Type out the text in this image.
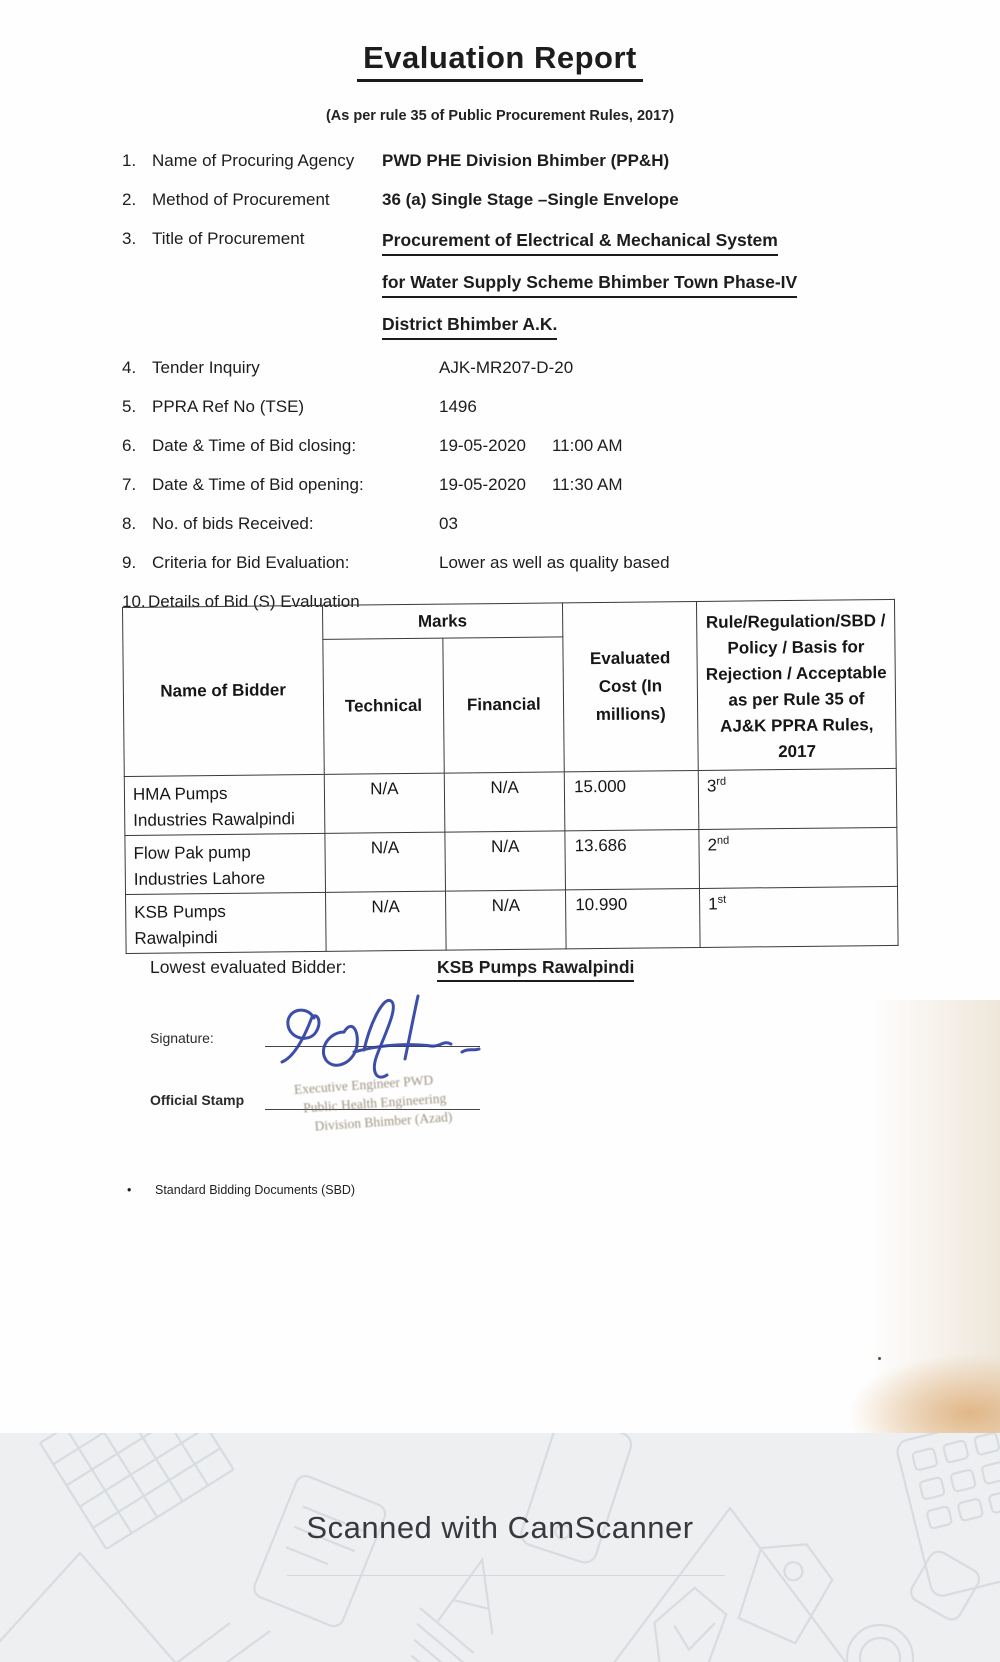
Evaluation Report
(As per rule 35 of Public Procurement Rules, 2017)
1. Name of Procuring Agency	PWD PHE Division Bhimber (PP&H)
2. Method of Procurement	36 (a) Single Stage –Single Envelope
3. Title of Procurement	Procurement of Electrical & Mechanical System
for Water Supply Scheme Bhimber Town Phase-IV
District Bhimber A.K.
4. Tender Inquiry	AJK-MR207-D-20
5. PPRA Ref No (TSE)	1496
6. Date & Time of Bid closing:	19-05-2020 11:00 AM
7. Date & Time of Bid opening:	19-05-2020 11:30 AM
8. No. of bids Received:	03
9. Criteria for Bid Evaluation:	Lower as well as quality based
10. Details of Bid (S) Evaluation
Name of Bidder	Marks		Evaluated Cost (In millions)	Rule/Regulation/SBD / Policy / Basis for Rejection / Acceptable as per Rule 35 of AJ&K PPRA Rules, 2017
	Technical	Financial		
HMA Pumps
Industries Rawalpindi	N/A	N/A	15.000	3rd
Flow Pak pump
Industries Lahore	N/A	N/A	13.686	2nd
KSB Pumps
Rawalpindi	N/A	N/A	10.990	1st
Lowest evaluated Bidder:	KSB Pumps Rawalpindi
Signature:
Official Stamp
Executive Engineer PWD
Public Health Engineering
Division Bhimber (Azad)
•	Standard Bidding Documents (SBD)
Scanned with CamScanner
